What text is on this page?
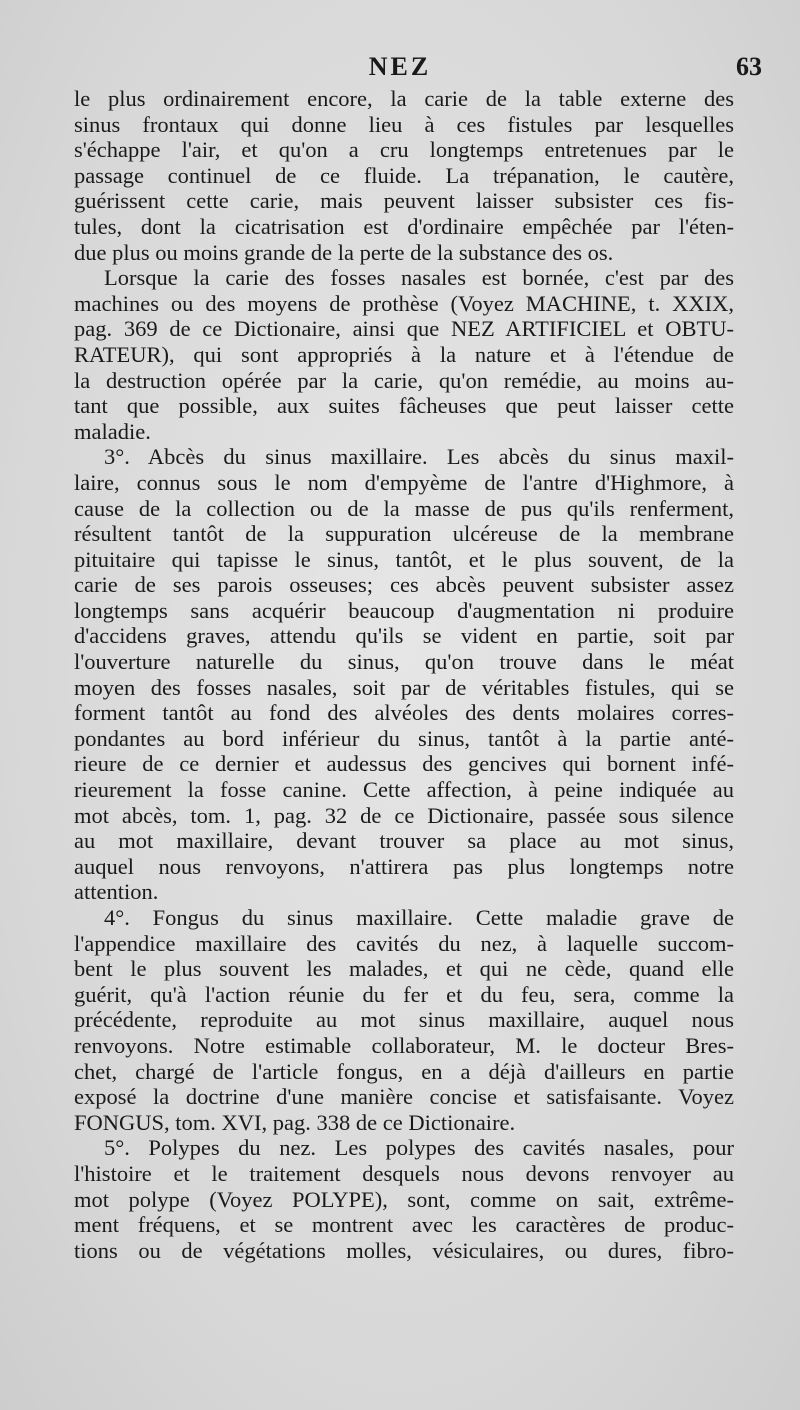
NEZ	63
le plus ordinairement encore, la carie de la table externe des
sinus frontaux qui donne lieu à ces fistules par lesquelles
s'échappe l'air, et qu'on a cru longtemps entretenues par le
passage continuel de ce fluide. La trépanation, le cautère,
guérissent cette carie, mais peuvent laisser subsister ces fis-
tules, dont la cicatrisation est d'ordinaire empêchée par l'éten-
due plus ou moins grande de la perte de la substance des os.
Lorsque la carie des fosses nasales est bornée, c'est par des
machines ou des moyens de prothèse (Voyez MACHINE, t. XXIX,
pag. 369 de ce Dictionaire, ainsi que NEZ ARTIFICIEL et OBTU-
RATEUR), qui sont appropriés à la nature et à l'étendue de
la destruction opérée par la carie, qu'on remédie, au moins au-
tant que possible, aux suites fâcheuses que peut laisser cette
maladie.
3°. Abcès du sinus maxillaire. Les abcès du sinus maxil-
laire, connus sous le nom d'empyème de l'antre d'Highmore, à
cause de la collection ou de la masse de pus qu'ils renferment,
résultent tantôt de la suppuration ulcéreuse de la membrane
pituitaire qui tapisse le sinus, tantôt, et le plus souvent, de la
carie de ses parois osseuses; ces abcès peuvent subsister assez
longtemps sans acquérir beaucoup d'augmentation ni produire
d'accidens graves, attendu qu'ils se vident en partie, soit par
l'ouverture naturelle du sinus, qu'on trouve dans le méat
moyen des fosses nasales, soit par de véritables fistules, qui se
forment tantôt au fond des alvéoles des dents molaires corres-
pondantes au bord inférieur du sinus, tantôt à la partie anté-
rieure de ce dernier et audessus des gencives qui bornent infé-
rieurement la fosse canine. Cette affection, à peine indiquée au
mot abcès, tom. 1, pag. 32 de ce Dictionaire, passée sous silence
au mot maxillaire, devant trouver sa place au mot sinus,
auquel nous renvoyons, n'attirera pas plus longtemps notre
attention.
4°. Fongus du sinus maxillaire. Cette maladie grave de
l'appendice maxillaire des cavités du nez, à laquelle succom-
bent le plus souvent les malades, et qui ne cède, quand elle
guérit, qu'à l'action réunie du fer et du feu, sera, comme la
précédente, reproduite au mot sinus maxillaire, auquel nous
renvoyons. Notre estimable collaborateur, M. le docteur Bres-
chet, chargé de l'article fongus, en a déjà d'ailleurs en partie
exposé la doctrine d'une manière concise et satisfaisante. Voyez
FONGUS, tom. XVI, pag. 338 de ce Dictionaire.
5°. Polypes du nez. Les polypes des cavités nasales, pour
l'histoire et le traitement desquels nous devons renvoyer au
mot polype (Voyez POLYPE), sont, comme on sait, extrême-
ment fréquens, et se montrent avec les caractères de produc-
tions ou de végétations molles, vésiculaires, ou dures, fibro-
